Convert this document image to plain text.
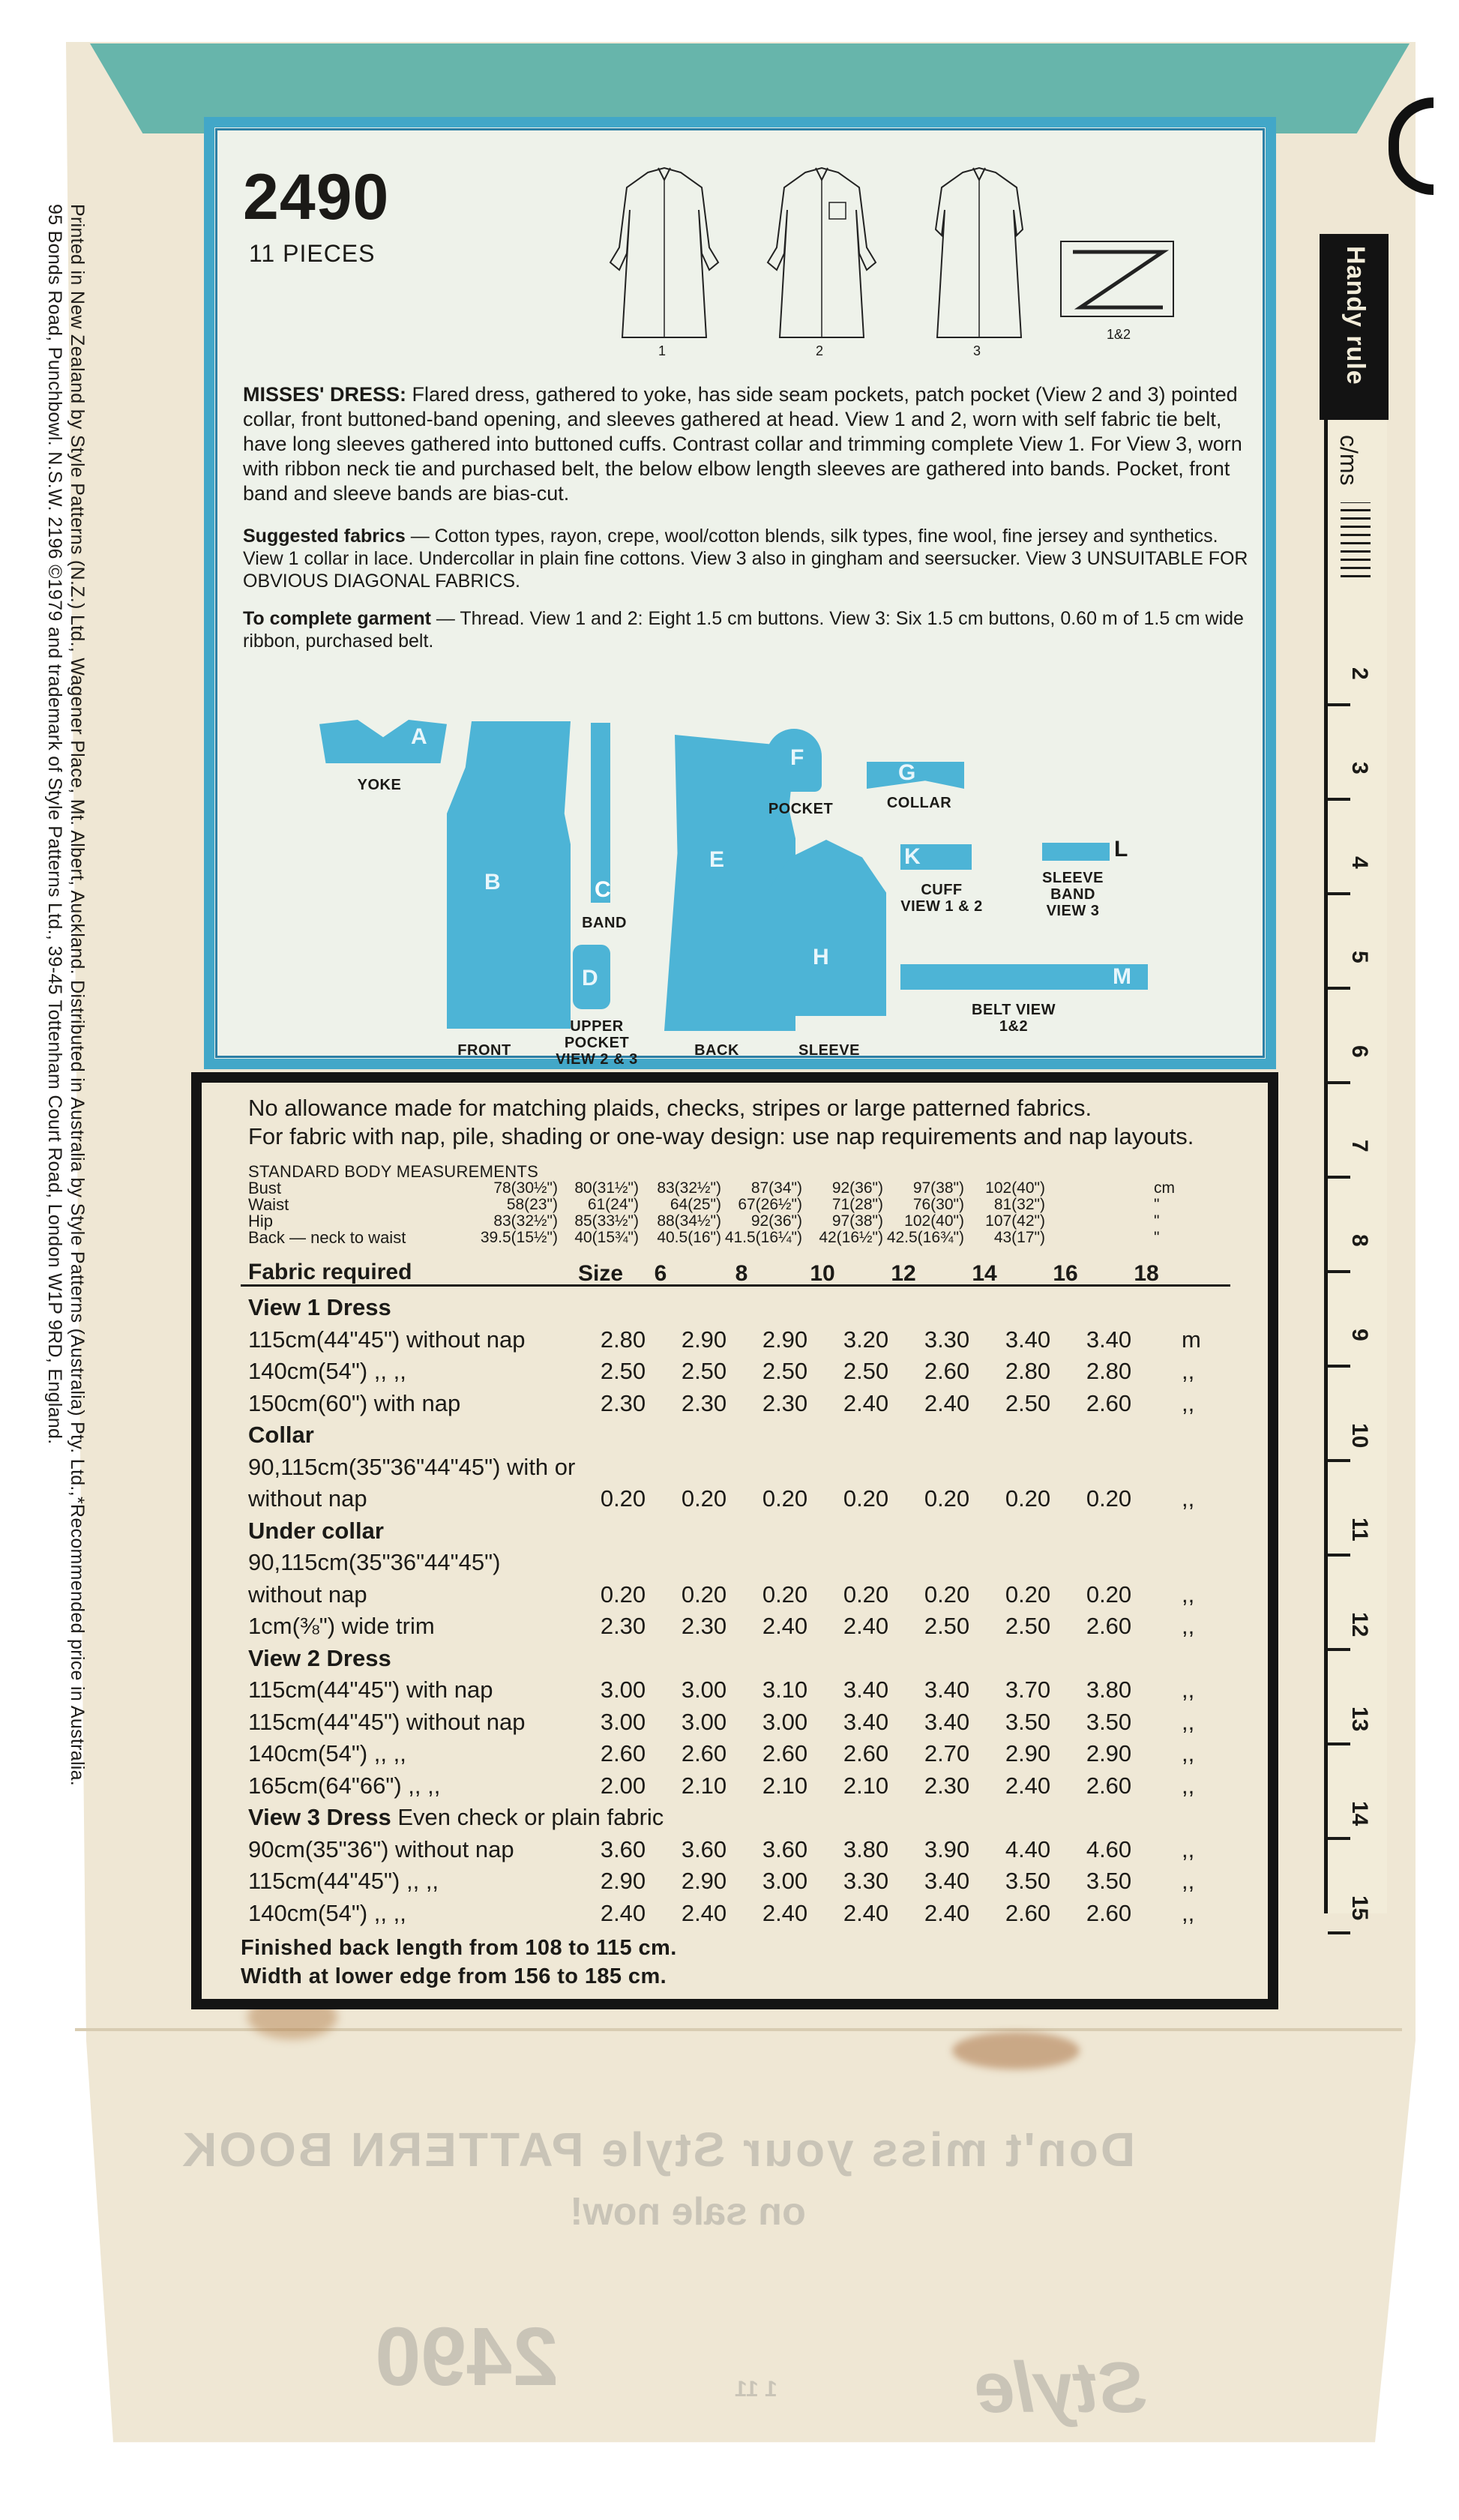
Printed in New Zealand by Style Patterns (N.Z.) Ltd., Wagener Place, Mt. Albert, Auckland. Distributed in Australia by Style Patterns (Australia) Pty. Ltd.,
*Recommended price in Australia.
95 Bonds Road, Punchbowl. N.S.W. 2196 ©1979 and trademark of Style Patterns Ltd., 39-45 Tottenham Court Road, London W1P 9RD, England.
2490
11 PIECES
1	2	3
1&2
MISSES' DRESS: Flared dress, gathered to yoke, has side seam pockets, patch pocket (View 2 and 3) pointed collar, front buttoned-band opening, and sleeves gathered at head. View 1 and 2, worn with self fabric tie belt, have long sleeves gathered into buttoned cuffs. Contrast collar and trimming complete View 1. For View 3, worn with ribbon neck tie and purchased belt, the below elbow length sleeves are gathered into bands. Pocket, front band and sleeve bands are bias-cut.
Suggested fabrics — Cotton types, rayon, crepe, wool/cotton blends, silk types, fine wool, fine jersey and synthetics. View 1 collar in lace. Undercollar in plain fine cottons. View 3 also in gingham and seersucker. View 3 UNSUITABLE FOR OBVIOUS DIAGONAL FABRICS.
To complete garment — Thread. View 1 and 2: Eight 1.5 cm buttons. View 3: Six 1.5 cm buttons, 0.60 m of 1.5 cm wide ribbon, purchased belt.
A
YOKE
B
FRONT
C
BAND
D
UPPER POCKET VIEW 2 & 3
E
BACK
F
POCKET
G
COLLAR
H
SLEEVE
K
CUFF VIEW 1 & 2
L
SLEEVE BAND VIEW 3
M
BELT VIEW 1&2
No allowance made for matching plaids, checks, stripes or large patterned fabrics.
For fabric with nap, pile, shading or one-way design: use nap requirements and nap layouts.
STANDARD BODY MEASUREMENTS
Bust	78(30½")	80(31½")	83(32½")	87(34")	92(36")	97(38")	102(40")	cm
Waist	58(23")	61(24")	64(25")	67(26½")	71(28")	76(30")	81(32")	"
Hip	83(32½")	85(33½")	88(34½")	92(36")	97(38")	102(40")	107(42")	"
Back — neck to waist	39.5(15½")	40(15¾")	40.5(16") 41.5(16¼")	42(16½") 42.5(16¾")	43(17")	"
Fabric required	Size	6	8	10	12	14	16	18
View 1 Dress
115cm(44"45") without nap	2.80	2.90	2.90	3.20	3.30	3.40	3.40	m
140cm(54") ,, ,,	2.50	2.50	2.50	2.50	2.60	2.80	2.80	,,
150cm(60") with nap	2.30	2.30	2.30	2.40	2.40	2.50	2.60	,,
Collar
90,115cm(35"36"44"45") with or
without nap	0.20	0.20	0.20	0.20	0.20	0.20	0.20	,,
Under collar
90,115cm(35"36"44"45")
without nap	0.20	0.20	0.20	0.20	0.20	0.20	0.20	,,
1cm(⅜") wide trim	2.30	2.30	2.40	2.40	2.50	2.50	2.60	,,
View 2 Dress
115cm(44"45") with nap	3.00	3.00	3.10	3.40	3.40	3.70	3.80	,,
115cm(44"45") without nap	3.00	3.00	3.00	3.40	3.40	3.50	3.50	,,
140cm(54") ,, ,,	2.60	2.60	2.60	2.60	2.70	2.90	2.90	,,
165cm(64"66") ,, ,,	2.00	2.10	2.10	2.10	2.30	2.40	2.60	,,
View 3 Dress Even check or plain fabric
90cm(35"36") without nap	3.60	3.60	3.60	3.80	3.90	4.40	4.60	,,
115cm(44"45") ,, ,,	2.90	2.90	3.00	3.30	3.40	3.50	3.50	,,
140cm(54") ,, ,,	2.40	2.40	2.40	2.40	2.40	2.60	2.60	,,
Finished back length from 108 to 115 cm.
Width at lower edge from 156 to 185 cm.
Handy rule
c/ms
2
3
4
5
6
7
8
9
10
11
12
13
14
15
Don't miss your Style PATTERN BOOK
on sale now!
2490	Style
1 11
